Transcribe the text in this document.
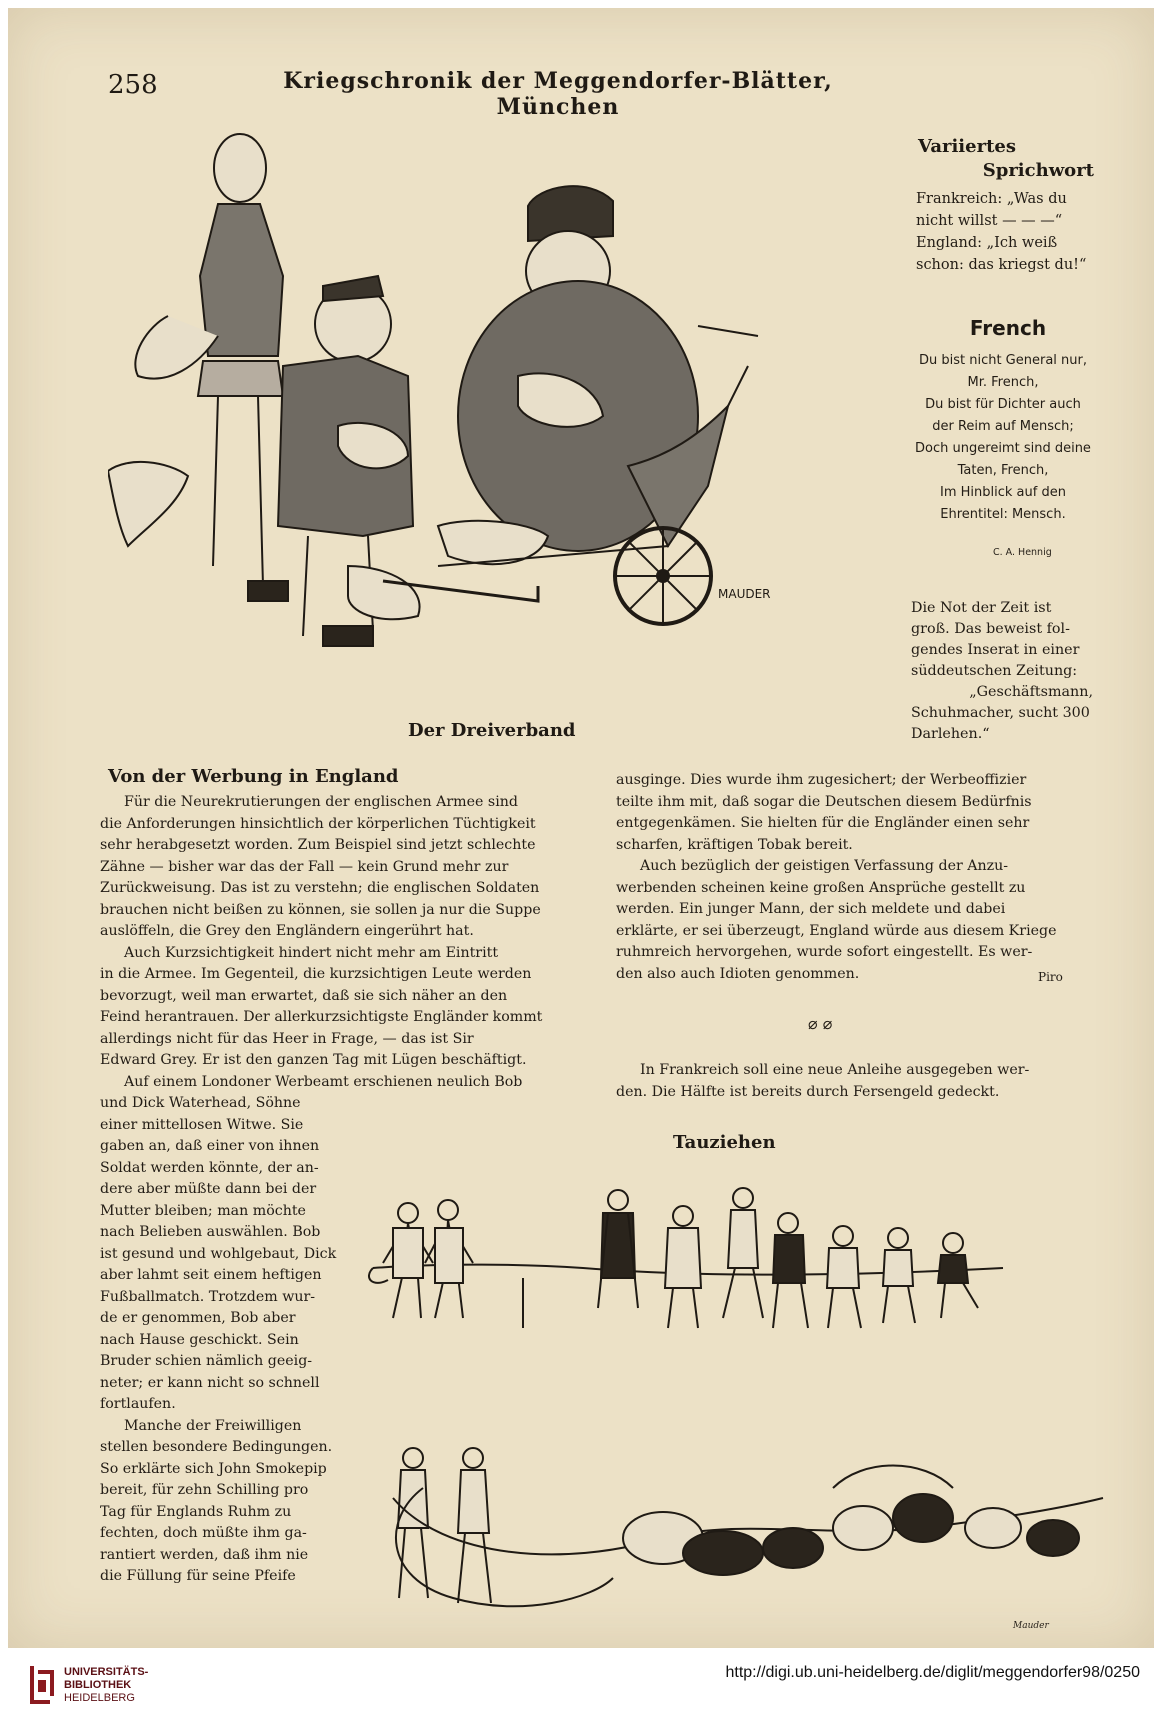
258	Kriegschronik der Meggendorfer-Blätter, München
MAUDER
Der Dreiverband
Variiertes
Sprichwort

Frankreich: „Was du

nicht willst — — —“

England: „Ich weiß

schon: das kriegst du!“

French

Du bist nicht General nur,

Mr. French,

Du bist für Dichter auch

der Reim auf Mensch;

Doch ungereimt sind deine

Taten, French,

Im Hinblick auf den

Ehrentitel: Mensch.

C. A. Hennig

Die Not der Zeit ist

groß. Das beweist fol-

gendes Inserat in einer

süddeutschen Zeitung:

„Geschäftsmann,

Schuhmacher, sucht 300

Darlehen.“

Von der Werbung in England

Für die Neurekrutierungen der englischen Armee sind

die Anforderungen hinsichtlich der körperlichen Tüchtigkeit

sehr herabgesetzt worden. Zum Beispiel sind jetzt schlechte

Zähne — bisher war das der Fall — kein Grund mehr zur

Zurückweisung. Das ist zu verstehn; die englischen Soldaten

brauchen nicht beißen zu können, sie sollen ja nur die Suppe

auslöffeln, die Grey den Engländern eingerührt hat.

Auch Kurzsichtigkeit hindert nicht mehr am Eintritt

in die Armee. Im Gegenteil, die kurzsichtigen Leute werden

bevorzugt, weil man erwartet, daß sie sich näher an den

Feind herantrauen. Der allerkurzsichtigste Engländer kommt

allerdings nicht für das Heer in Frage, — das ist Sir

Edward Grey. Er ist den ganzen Tag mit Lügen beschäftigt.

Auf einem Londoner Werbeamt erschienen neulich Bob

und Dick Waterhead, Söhne

einer mittellosen Witwe. Sie

gaben an, daß einer von ihnen

Soldat werden könnte, der an-

dere aber müßte dann bei der

Mutter bleiben; man möchte

nach Belieben auswählen. Bob

ist gesund und wohlgebaut, Dick

aber lahmt seit einem heftigen

Fußballmatch. Trotzdem wur-

de er genommen, Bob aber

nach Hause geschickt. Sein

Bruder schien nämlich geeig-

neter; er kann nicht so schnell

fortlaufen.

Manche der Freiwilligen

stellen besondere Bedingungen.

So erklärte sich John Smokepip

bereit, für zehn Schilling pro

Tag für Englands Ruhm zu

fechten, doch müßte ihm ga-

rantiert werden, daß ihm nie

die Füllung für seine Pfeife

ausginge. Dies wurde ihm zugesichert; der Werbeoffizier

teilte ihm mit, daß sogar die Deutschen diesem Bedürfnis

entgegenkämen. Sie hielten für die Engländer einen sehr

scharfen, kräftigen Tobak bereit.

Auch bezüglich der geistigen Verfassung der Anzu-

werbenden scheinen keine großen Ansprüche gestellt zu

werden. Ein junger Mann, der sich meldete und dabei

erklärte, er sei überzeugt, England würde aus diesem Kriege

ruhmreich hervorgehen, wurde sofort eingestellt. Es wer-

den also auch Idioten genommen.	Piro
⌀ ⌀

In Frankreich soll eine neue Anleihe ausgegeben wer-

den. Die Hälfte ist bereits durch Fersengeld gedeckt.

Tauziehen
Mauder
UNIVERSITÄTS-
BIBLIOTHEK
HEIDELBERG
http://digi.ub.uni-heidelberg.de/diglit/meggendorfer98/0250
